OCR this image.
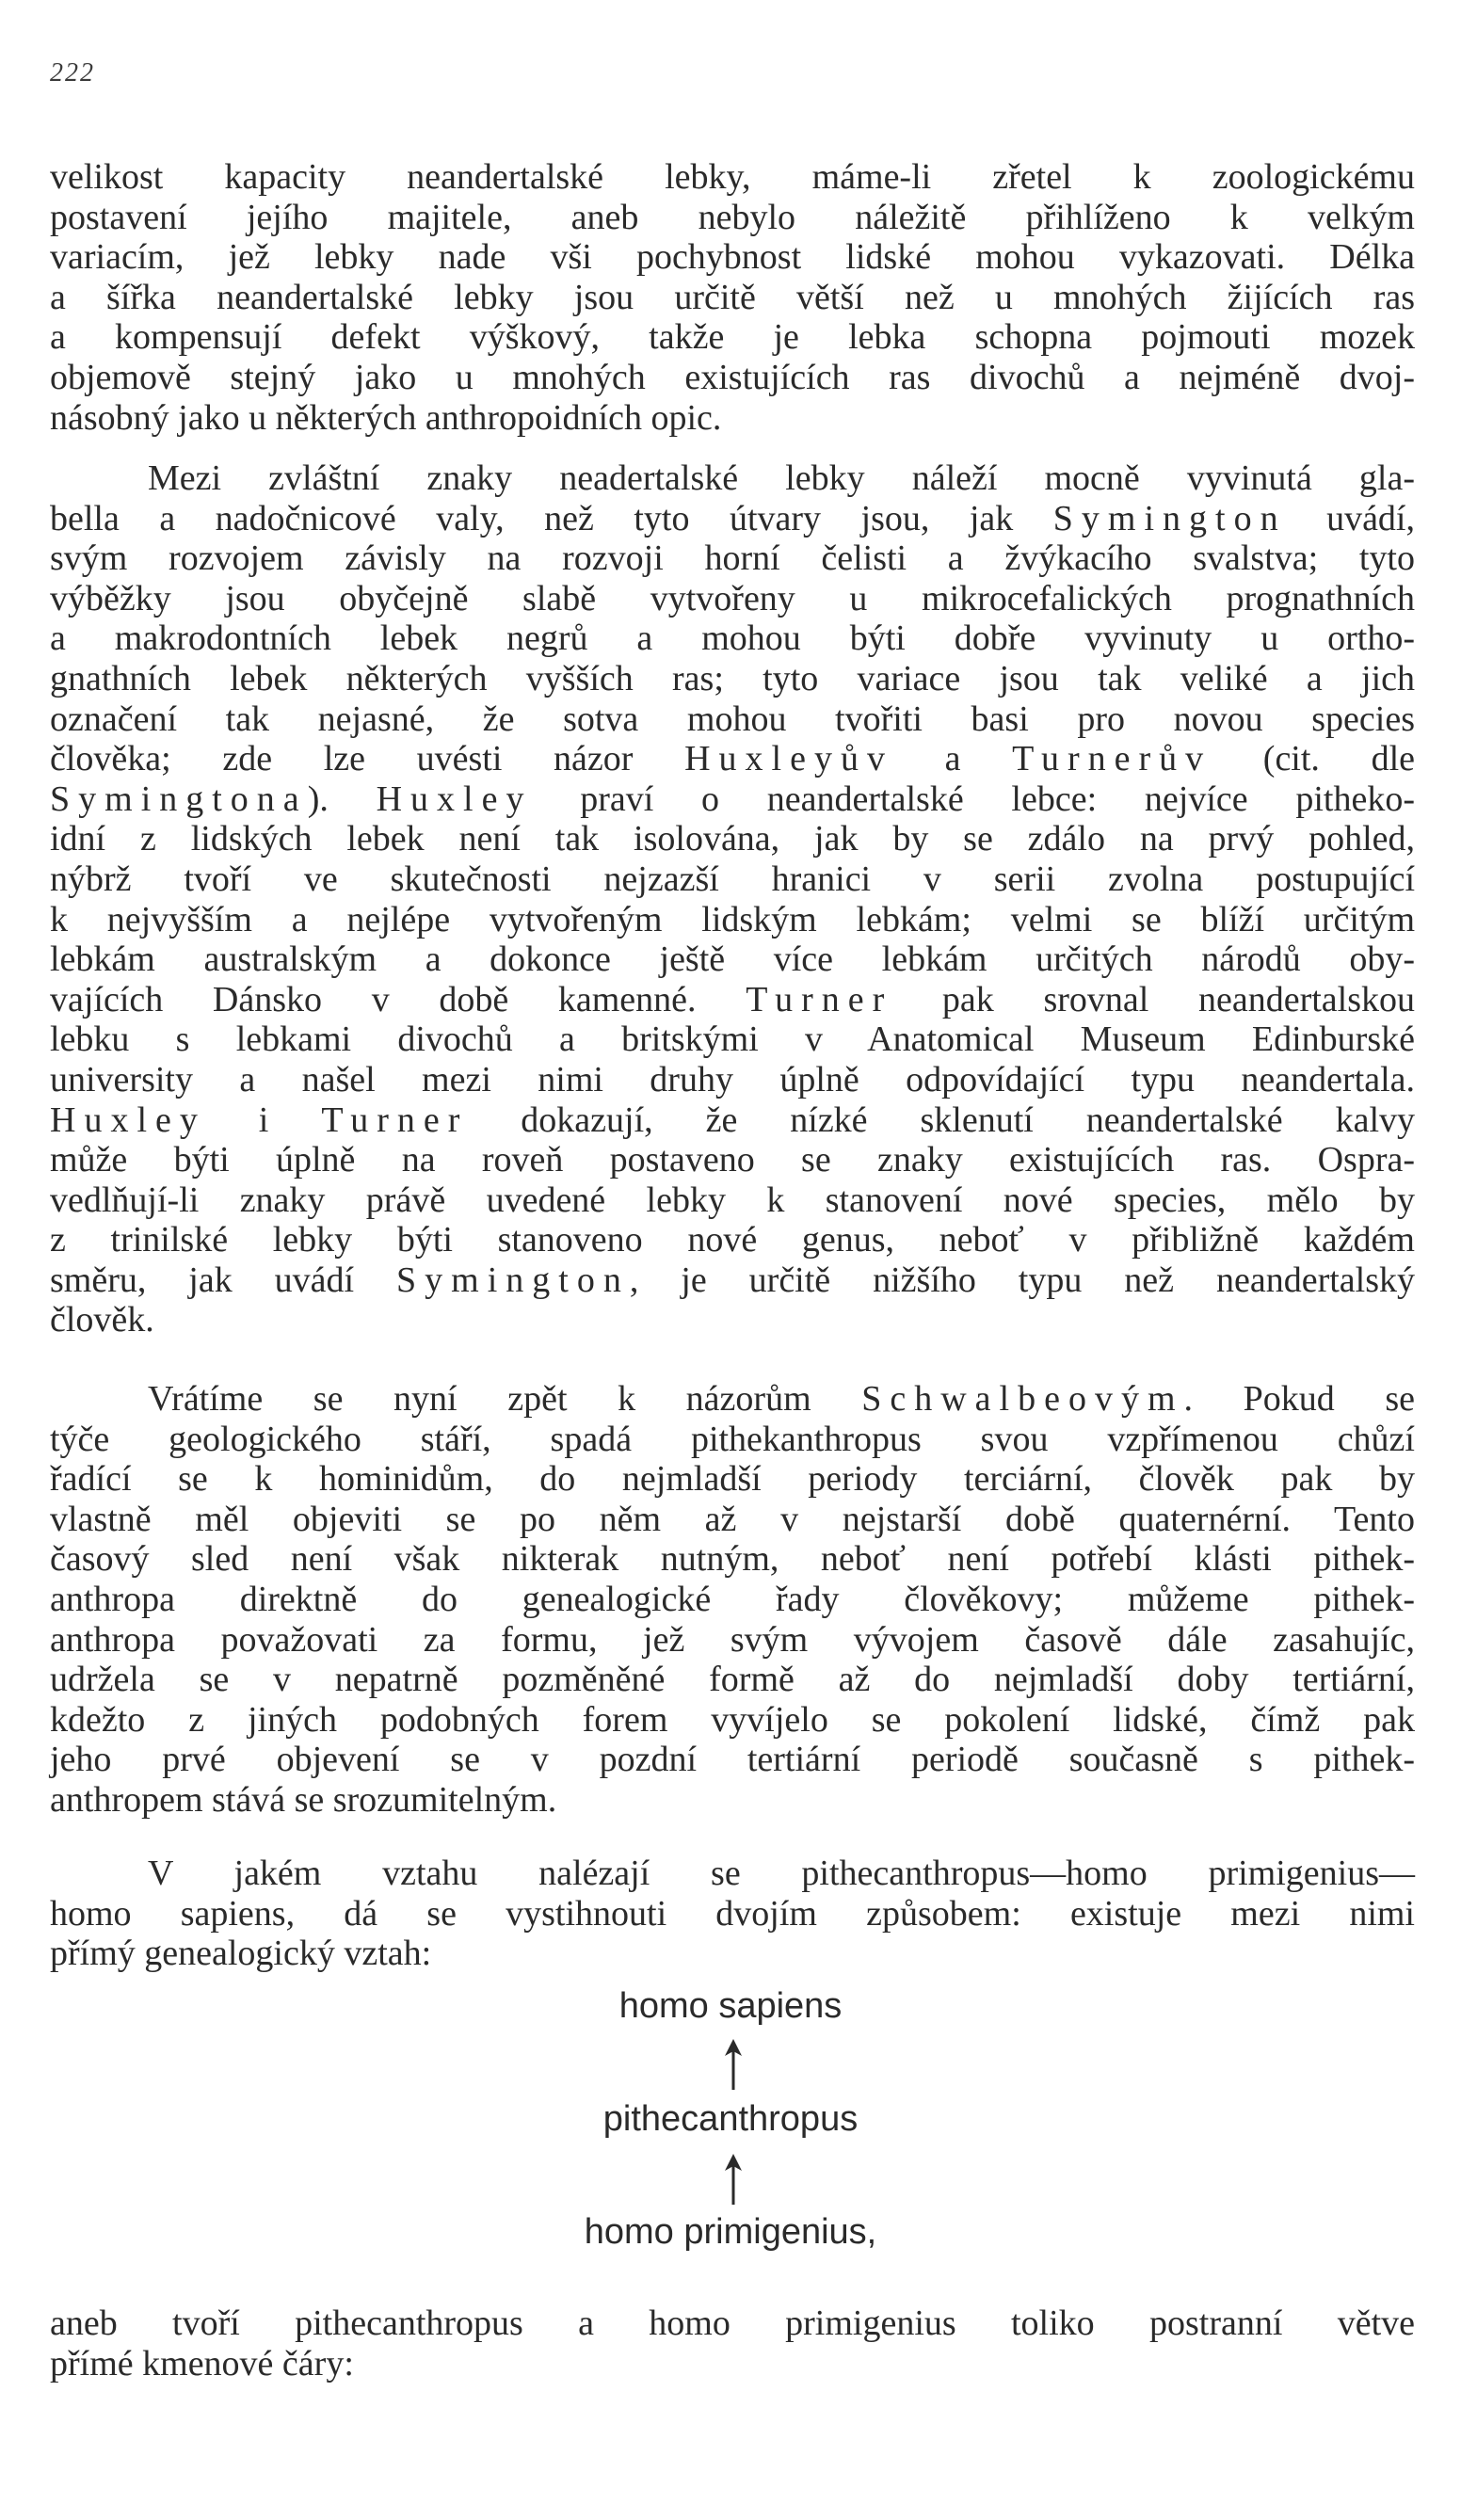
222
velikost kapacity neandertalské lebky, máme-li zřetel k zoologickému
postavení jejího majitele, aneb nebylo náležitě přihlíženo k velkým
variacím, jež lebky nade vši pochybnost lidské mohou vykazovati. Délka
a šířka neandertalské lebky jsou určitě větší než u mnohých žijících ras
a kompensují defekt výškový, takže je lebka schopna pojmouti mozek
objemově stejný jako u mnohých existujících ras divochů a nejméně dvoj-
násobný jako u některých anthropoidních opic.
Mezi zvláštní znaky neadertalské lebky náleží mocně vyvinutá gla-
bella a nadočnicové valy, než tyto útvary jsou, jak Symington uvádí,
svým rozvojem závisly na rozvoji horní čelisti a žvýkacího svalstva; tyto
výběžky jsou obyčejně slabě vytvořeny u mikrocefalických prognathních
a makrodontních lebek negrů a mohou býti dobře vyvinuty u ortho-
gnathních lebek některých vyšších ras; tyto variace jsou tak veliké a jich
označení tak nejasné, že sotva mohou tvořiti basi pro novou species
člověka; zde lze uvésti názor Huxleyův a Turnerův (cit. dle
Symingtona). Huxley praví o neandertalské lebce: nejvíce pitheko-
idní z lidských lebek není tak isolována, jak by se zdálo na prvý pohled,
nýbrž tvoří ve skutečnosti nejzazší hranici v serii zvolna postupující
k nejvyšším a nejlépe vytvořeným lidským lebkám; velmi se blíží určitým
lebkám australským a dokonce ještě více lebkám určitých národů oby-
vajících Dánsko v době kamenné. Turner pak srovnal neandertalskou
lebku s lebkami divochů a britskými v Anatomical Museum Edinburské
university a našel mezi nimi druhy úplně odpovídající typu neandertala.
Huxley i Turner dokazují, že nízké sklenutí neandertalské kalvy
může býti úplně na roveň postaveno se znaky existujících ras. Ospra-
vedlňují-li znaky právě uvedené lebky k stanovení nové species, mělo by
z trinilské lebky býti stanoveno nové genus, neboť v přibližně každém
směru, jak uvádí Symington, je určitě nižšího typu než neandertalský
člověk.
Vrátíme se nyní zpět k názorům Schwalbeovým. Pokud se
týče geologického stáří, spadá pithekanthropus svou vzpřímenou chůzí
řadící se k hominidům, do nejmladší periody terciární, člověk pak by
vlastně měl objeviti se po něm až v nejstarší době quaternérní. Tento
časový sled není však nikterak nutným, neboť není potřebí klásti pithek-
anthropa direktně do genealogické řady člověkovy; můžeme pithek-
anthropa považovati za formu, jež svým vývojem časově dále zasahujíc,
udržela se v nepatrně pozměněné formě až do nejmladší doby tertiární,
kdežto z jiných podobných forem vyvíjelo se pokolení lidské, čímž pak
jeho prvé objevení se v pozdní tertiární periodě současně s pithek-
anthropem stává se srozumitelným.
V jakém vztahu nalézají se pithecanthropus—homo primigenius—
homo sapiens, dá se vystihnouti dvojím způsobem: existuje mezi nimi
přímý genealogický vztah:
homo sapiens
pithecanthropus
homo primigenius,
aneb tvoří pithecanthropus a homo primigenius toliko postranní větve
přímé kmenové čáry:
